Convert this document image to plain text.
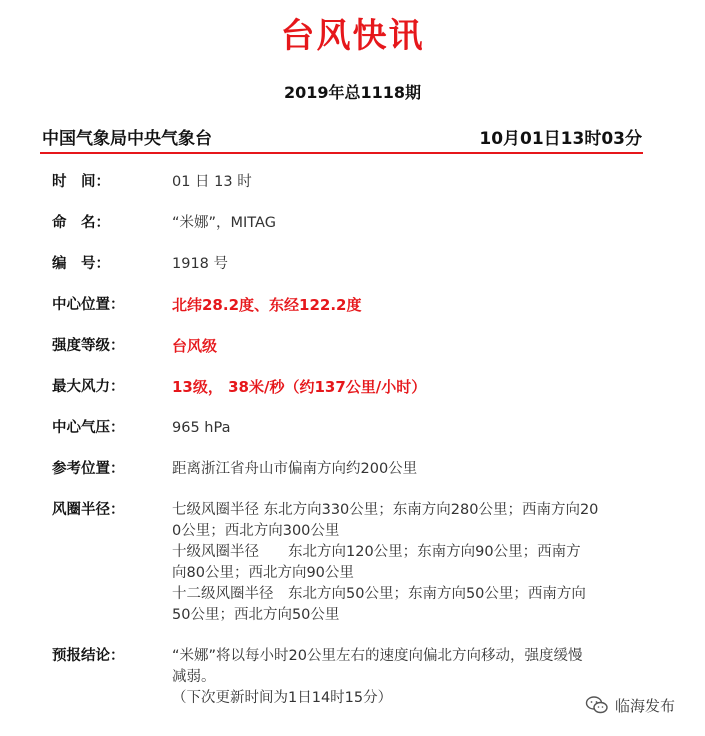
台风快讯
2019年总1118期
中国气象局中央气象台	10月01日13时03分
时　间：	01 日 13 时
命　名：	“米娜”，MITAG
编　号：	1918 号
中心位置：	北纬28.2度、东经122.2度
强度等级：	台风级
最大风力：	13级， 38米/秒（约137公里/小时）
中心气压：	965 hPa
参考位置：	距离浙江省舟山市偏南方向约200公里
风圈半径：	七级风圈半径 东北方向330公里；东南方向280公里；西南方向20
0公里；西北方向300公里
十级风圈半径　　东北方向120公里；东南方向90公里；西南方
向80公里；西北方向90公里
十二级风圈半径　东北方向50公里；东南方向50公里；西南方向
50公里；西北方向50公里
预报结论：	“米娜”将以每小时20公里左右的速度向偏北方向移动，强度缓慢
减弱。
（下次更新时间为1日14时15分）	临海发布
